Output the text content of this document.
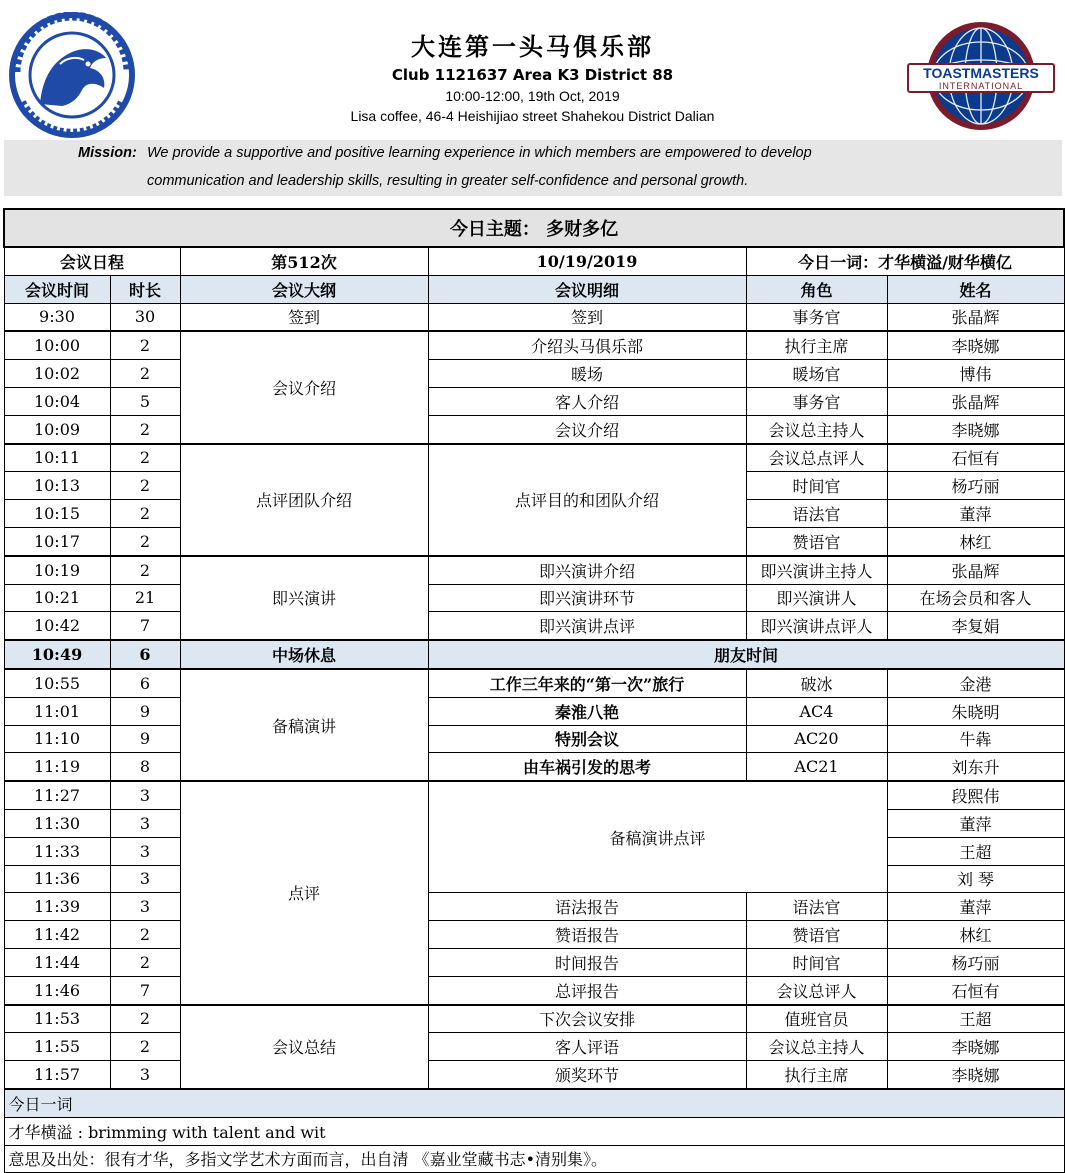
大连第一头马俱乐部
Club 1121637 Area K3 District 88
10:00-12:00, 19th Oct, 2019
Lisa coffee, 46-4 Heishijiao street Shahekou District Dalian
TOASTMASTERS
INTERNATIONAL
Mission: We provide a supportive and positive learning experience in which members are empowered to develop
communication and leadership skills, resulting in greater self-confidence and personal growth.
今日主题： 多财多亿					
会议日程		第512次	10/19/2019	今日一词：才华横溢/财华横亿	
会议时间	时长	会议大纲	会议明细	角色	姓名
9:30	30	签到	签到	事务官	张晶辉
10:00	2	会议介绍	介绍头马俱乐部	执行主席	李晓娜
10:02	2		暖场	暖场官	博伟
10:04	5		客人介绍	事务官	张晶辉
10:09	2		会议介绍	会议总主持人	李晓娜
10:11	2	点评团队介绍	点评目的和团队介绍	会议总点评人	石恒有
10:13	2			时间官	杨巧丽
10:15	2			语法官	董萍
10:17	2			赞语官	林红
10:19	2	即兴演讲	即兴演讲介绍	即兴演讲主持人	张晶辉
10:21	21		即兴演讲环节	即兴演讲人	在场会员和客人
10:42	7		即兴演讲点评	即兴演讲点评人	李复娟
10:49	6	中场休息	朋友时间		
10:55	6	备稿演讲	工作三年来的“第一次”旅行	破冰	金港
11:01	9		秦淮八艳	AC4	朱晓明
11:10	9		特别会议	AC20	牛犇
11:19	8		由车祸引发的思考	AC21	刘东升
11:27	3	点评	备稿演讲点评		段熙伟
11:30	3				董萍
11:33	3				王超
11:36	3				刘 琴
11:39	3		语法报告	语法官	董萍
11:42	2		赞语报告	赞语官	林红
11:44	2		时间报告	时间官	杨巧丽
11:46	7		总评报告	会议总评人	石恒有
11:53	2	会议总结	下次会议安排	值班官员	王超
11:55	2		客人评语	会议总主持人	李晓娜
11:57	3		颁奖环节	执行主席	李晓娜
今日一词					
才华横溢 : brimming with talent and wit					
意思及出处：很有才华，多指文学艺术方面而言，出自清 《嘉业堂藏书志•清别集》。					
